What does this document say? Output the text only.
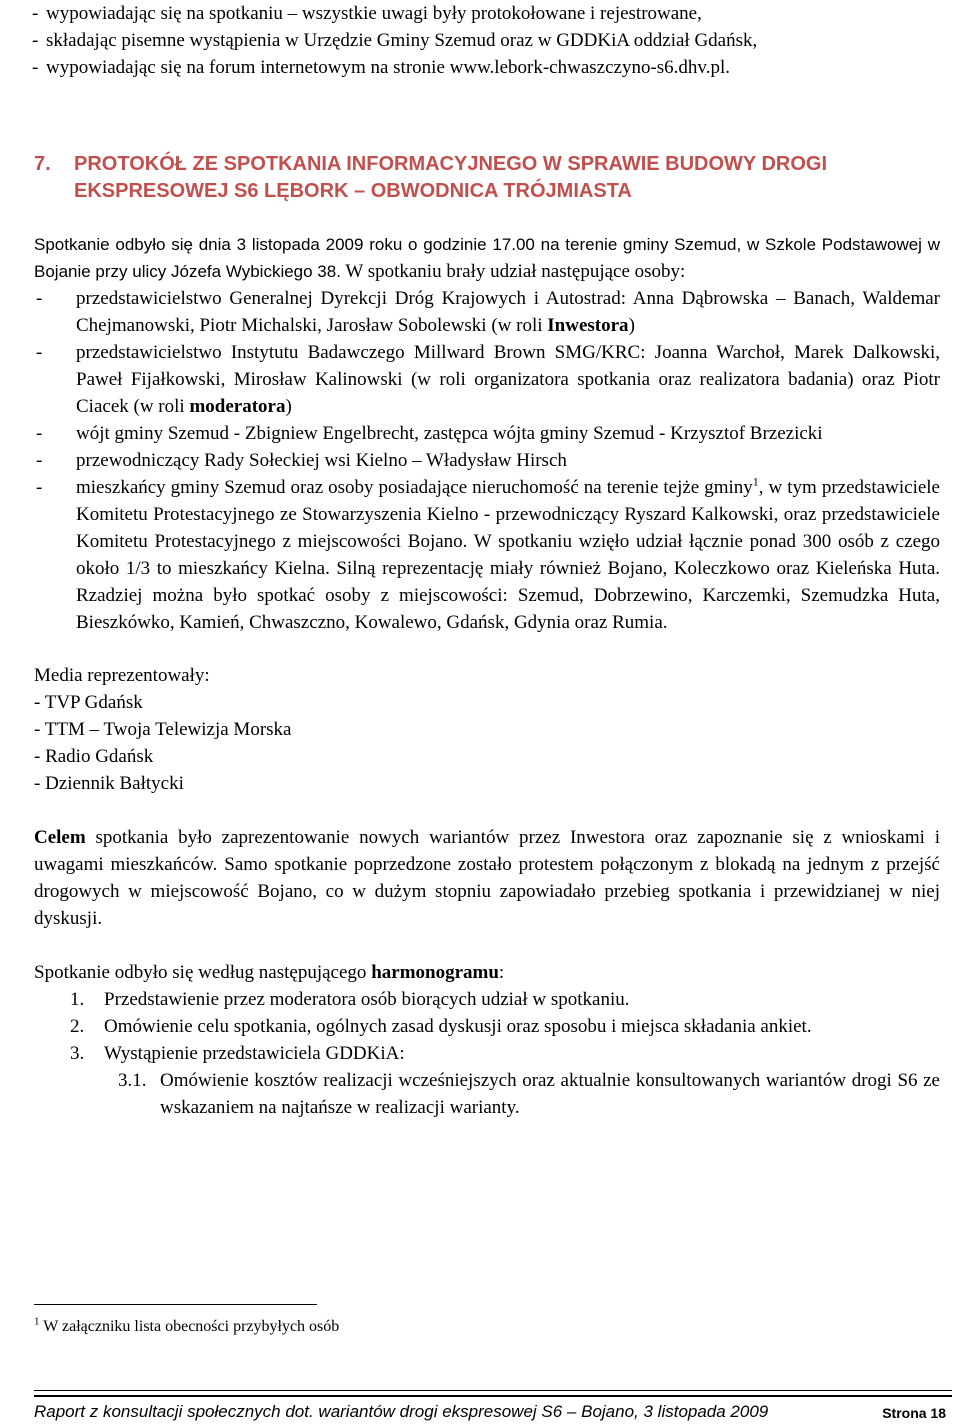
- wypowiadając się na spotkaniu – wszystkie uwagi były protokołowane i rejestrowane,
- składając pisemne wystąpienia w Urzędzie Gminy Szemud oraz w GDDKiA oddział Gdańsk,
- wypowiadając się na forum internetowym na stronie www.lebork-chwaszczyno-s6.dhv.pl.
7. PROTOKÓŁ ZE SPOTKANIA INFORMACYJNEGO W SPRAWIE BUDOWY DROGI
EKSPRESOWEJ S6 LĘBORK – OBWODNICA TRÓJMIASTA

Spotkanie odbyło się dnia 3 listopada 2009 roku o godzinie 17.00 na terenie gminy Szemud, w Szkole Podstawowej w Bojanie przy ulicy Józefa Wybickiego 38. W spotkaniu brały udział następujące osoby:

- przedstawicielstwo Generalnej Dyrekcji Dróg Krajowych i Autostrad: Anna Dąbrowska – Banach, Waldemar Chejmanowski, Piotr Michalski, Jarosław Sobolewski (w roli Inwestora)
- przedstawicielstwo Instytutu Badawczego Millward Brown SMG/KRC: Joanna Warchoł, Marek Dalkowski, Paweł Fijałkowski, Mirosław Kalinowski (w roli organizatora spotkania oraz realizatora badania) oraz Piotr Ciacek (w roli moderatora)
- wójt gminy Szemud - Zbigniew Engelbrecht, zastępca wójta gminy Szemud - Krzysztof Brzezicki
- przewodniczący Rady Sołeckiej wsi Kielno – Władysław Hirsch
- mieszkańcy gminy Szemud oraz osoby posiadające nieruchomość na terenie tejże gminy$^1$, w tym przedstawiciele Komitetu Protestacyjnego ze Stowarzyszenia Kielno - przewodniczący Ryszard Kalkowski, oraz przedstawiciele Komitetu Protestacyjnego z miejscowości Bojano. W spotkaniu wzięło udział łącznie ponad 300 osób z czego około 1/3 to mieszkańcy Kielna. Silną reprezentację miały również Bojano, Koleczkowo oraz Kieleńska Huta. Rzadziej można było spotkać osoby z miejscowości: Szemud, Dobrzewino, Karczemki, Szemudzka Huta, Bieszkówko, Kamień, Chwaszczno, Kowalewo, Gdańsk, Gdynia oraz Rumia.
Media reprezentowały:
- TVP Gdańsk
- TTM – Twoja Telewizja Morska
- Radio Gdańsk
- Dziennik Bałtycki

Celem spotkania było zaprezentowanie nowych wariantów przez Inwestora oraz zapoznanie się z wnioskami i uwagami mieszkańców. Samo spotkanie poprzedzone zostało protestem połączonym z blokadą na jednym z przejść drogowych w miejscowość Bojano, co w dużym stopniu zapowiadało przebieg spotkania i przewidzianej w niej dyskusji.

Spotkanie odbyło się według następującego harmonogramu:

1. Przedstawienie przez moderatora osób biorących udział w spotkaniu.
2. Omówienie celu spotkania, ogólnych zasad dyskusji oraz sposobu i miejsca składania ankiet.
3. Wystąpienie przedstawiciela GDDKiA:
3.1. Omówienie kosztów realizacji wcześniejszych oraz aktualnie konsultowanych wariantów drogi S6 ze wskazaniem na najtańsze w realizacji warianty.
$^1$ W załączniku lista obecności przybyłych osób
Raport z konsultacji społecznych dot. wariantów drogi ekspresowej S6 – Bojano, 3 listopada 2009	Strona 18
